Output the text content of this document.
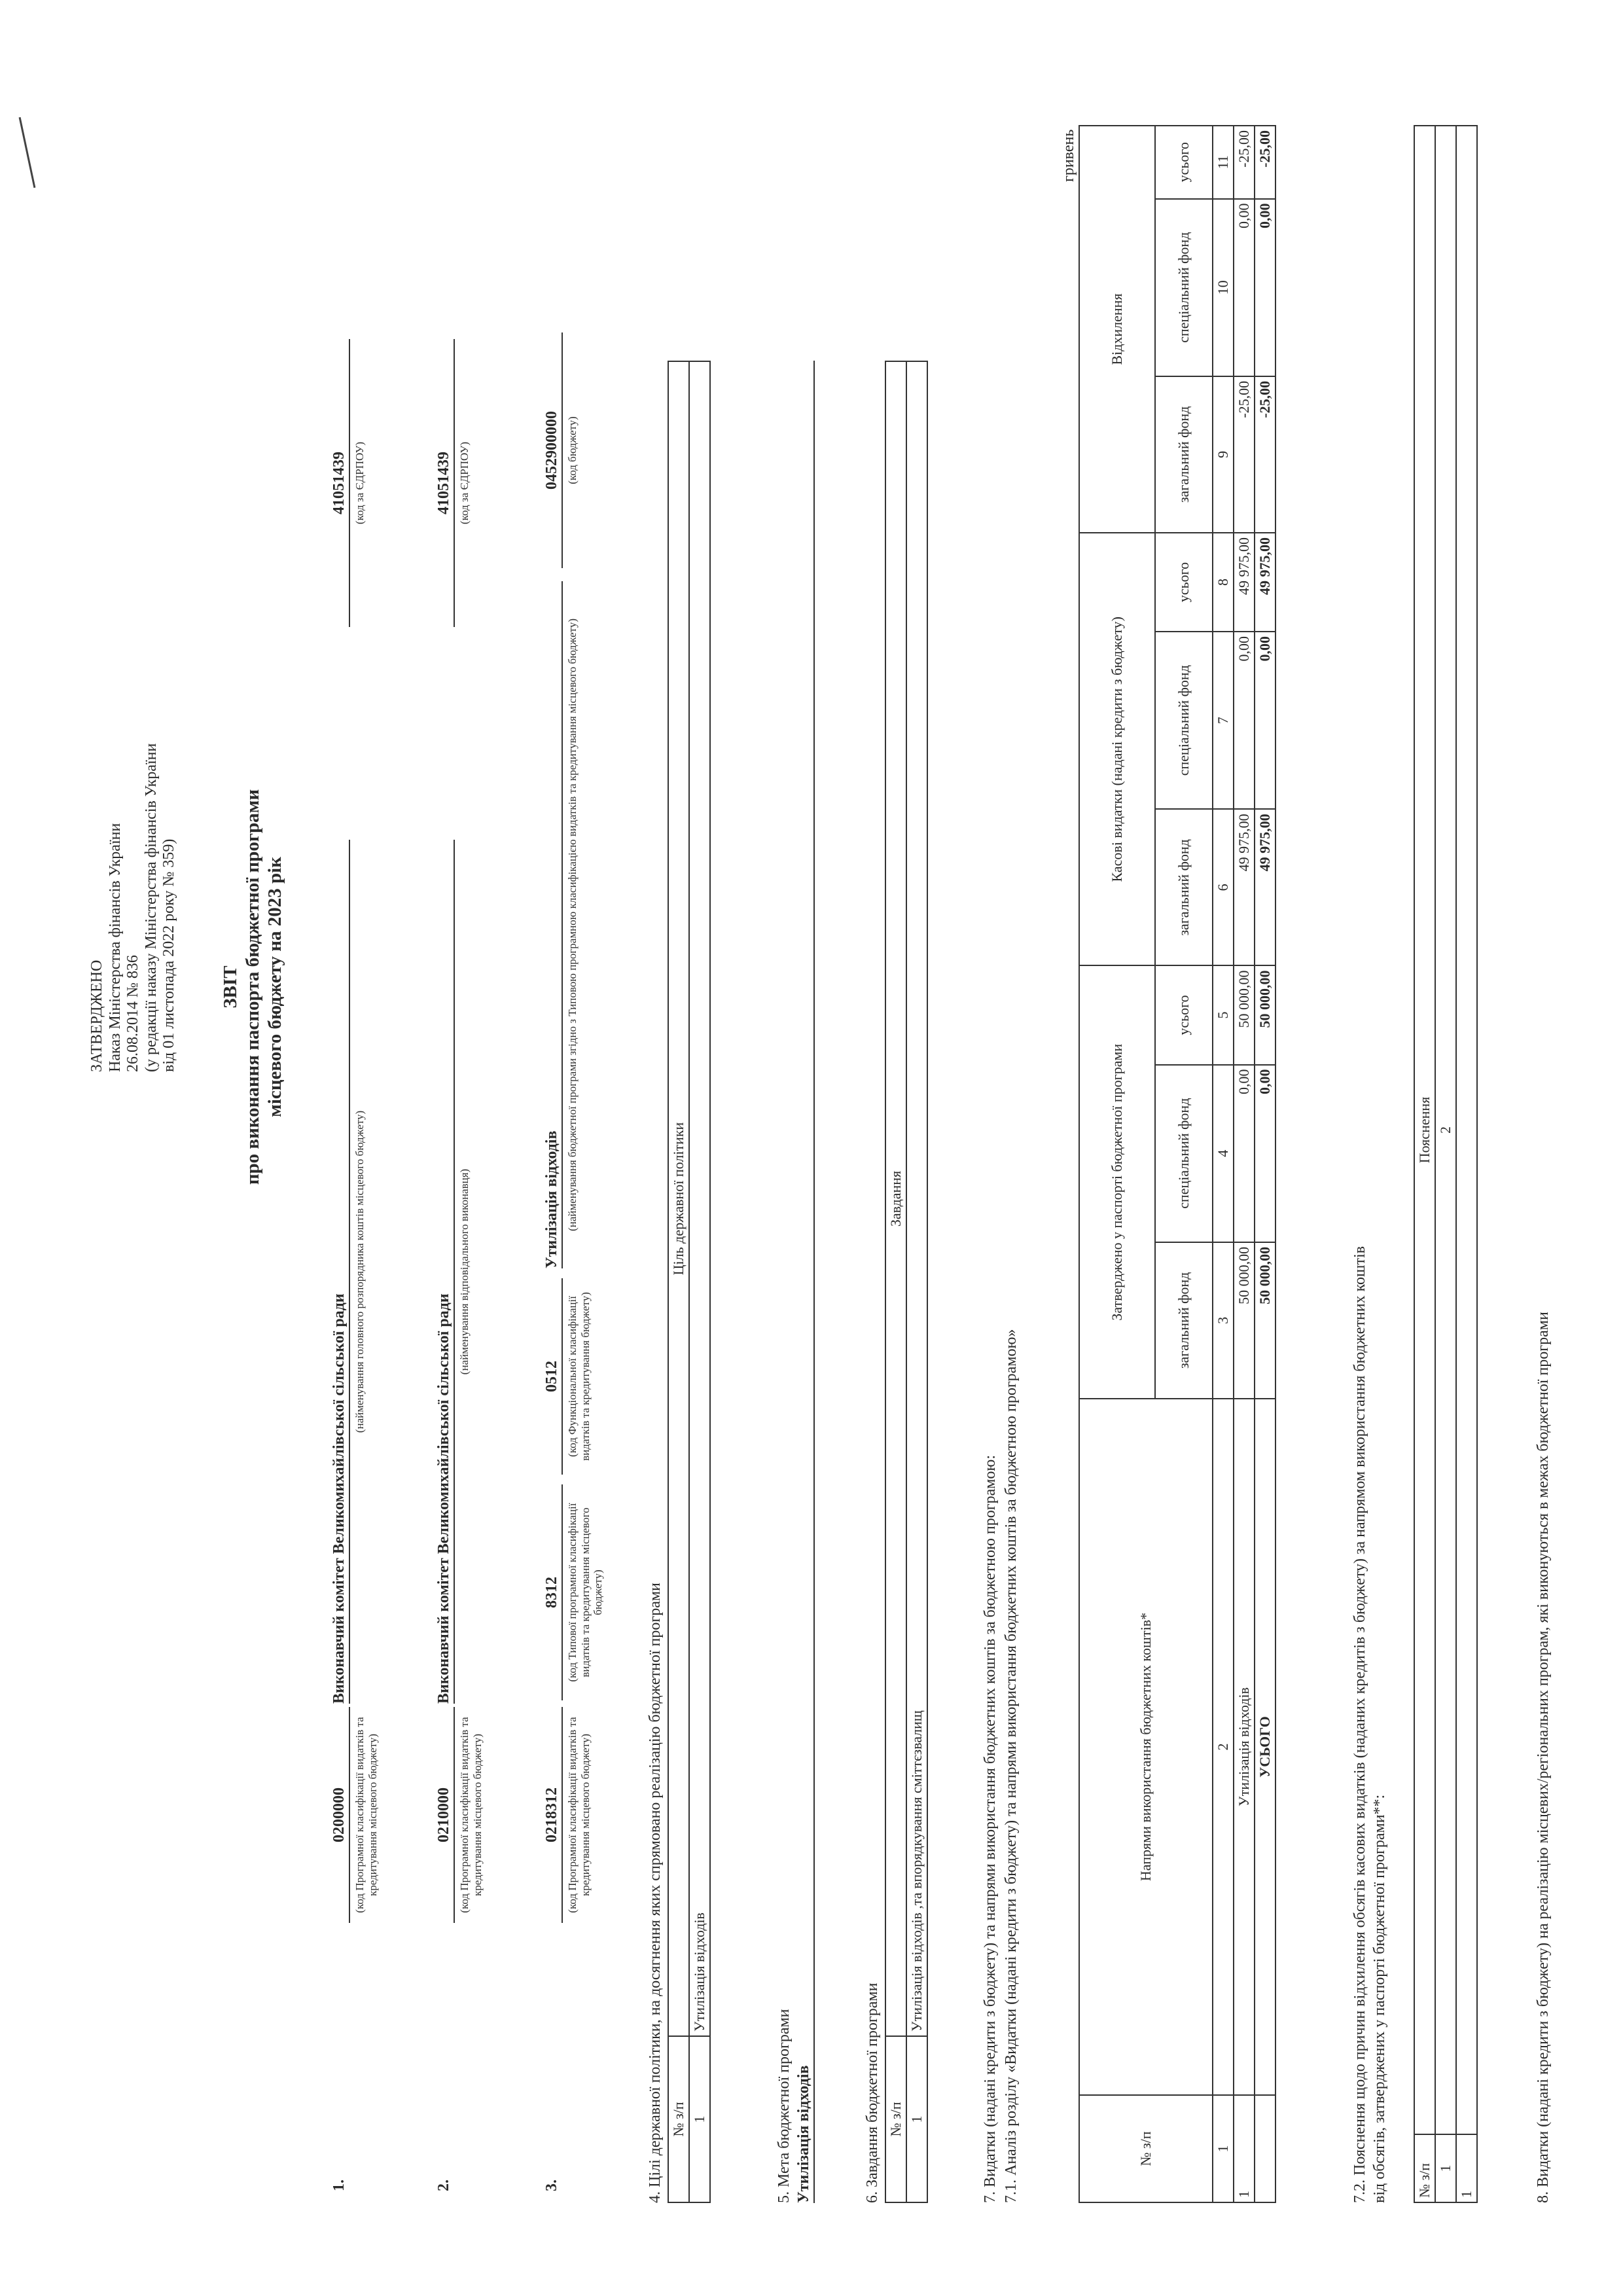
ЗАТВЕРДЖЕНО Наказ Міністерства фінансів України 26.08.2014 № 836 (у редакції наказу Міністерства фінансів України від 01 листопада 2022 року № 359) ЗВІТ про виконання паспорта бюджетної програми місцевого бюджету на 2023 рік
1.
0200000 (код Програмної класифікації видатків та кредитування місцевого бюджету)
Виконавчий комітет Великомихайлівської сільської ради
(найменування головного розпорядника коштів місцевого бюджету)
41051439 (код за ЄДРПОУ)
2.
0210000 (код Програмної класифікації видатків та кредитування місцевого бюджету)
Виконавчий комітет Великомихайлівської сільської ради
(найменування відповідального виконавця)
41051439 (код за ЄДРПОУ)
3.
0218312 (код Програмної класифікації видатків та кредитування місцевого бюджету)
8312 (код Типової програмної класифікації видатків та кредитування місцевого бюджету)
0512 (код Функціональної класифікації видатків та кредитування бюджету)
Утилізація відходів (найменування бюджетної програми згідно з Типовою програмною класифікацією видатків та кредитування місцевого бюджету)
0452900000 (код бюджету)
4. Цілі державної політики, на досягнення яких спрямовано реалізацію бюджетної програми № з/п	Ціль державної політики
1	Утилізація відходів
5. Мета бюджетної програми Утилізація відходів	6. Завдання бюджетної програми № з/п	Завдання
1	Утилізація відходів ,та впорядкування сміттєзвалищ	7. Видатки (надані кредити з бюджету) та напрями використання бюджетних коштів за бюджетною програмою: 7.1. Аналіз розділу «Видатки (надані кредити з бюджету) та напрями використання бюджетних коштів за бюджетною програмою»
гривень
№ з/п	Напрями використання бюджетних коштів*	Затверджено у паспорті бюджетної програми			Касові видатки (надані кредити з бюджету)			Відхилення		
		загальний фонд	спеціальний фонд	усього	загальний фонд	спеціальний фонд	усього	загальний фонд	спеціальний фонд	усього
1	2	3	4	5	6	7	8	9	10	11
1	Утилізація відходів	50 000,00	0,00	50 000,00	49 975,00	0,00	49 975,00	-25,00	0,00	-25,00
	УСЬОГО	50 000,00	0,00	50 000,00	49 975,00	0,00	49 975,00	-25,00	0,00	-25,00
7.2. Пояснення щодо причин відхилення обсягів касових видатків (наданих кредитів з бюджету) за напрямом використання бюджетних коштів від обсягів, затверджених у паспорті бюджетної програми**: № з/п	Пояснення
1	2
1		8. Видатки (надані кредити з бюджету) на реалізацію місцевих/регіональних програм, які виконуються в межах бюджетної програми
